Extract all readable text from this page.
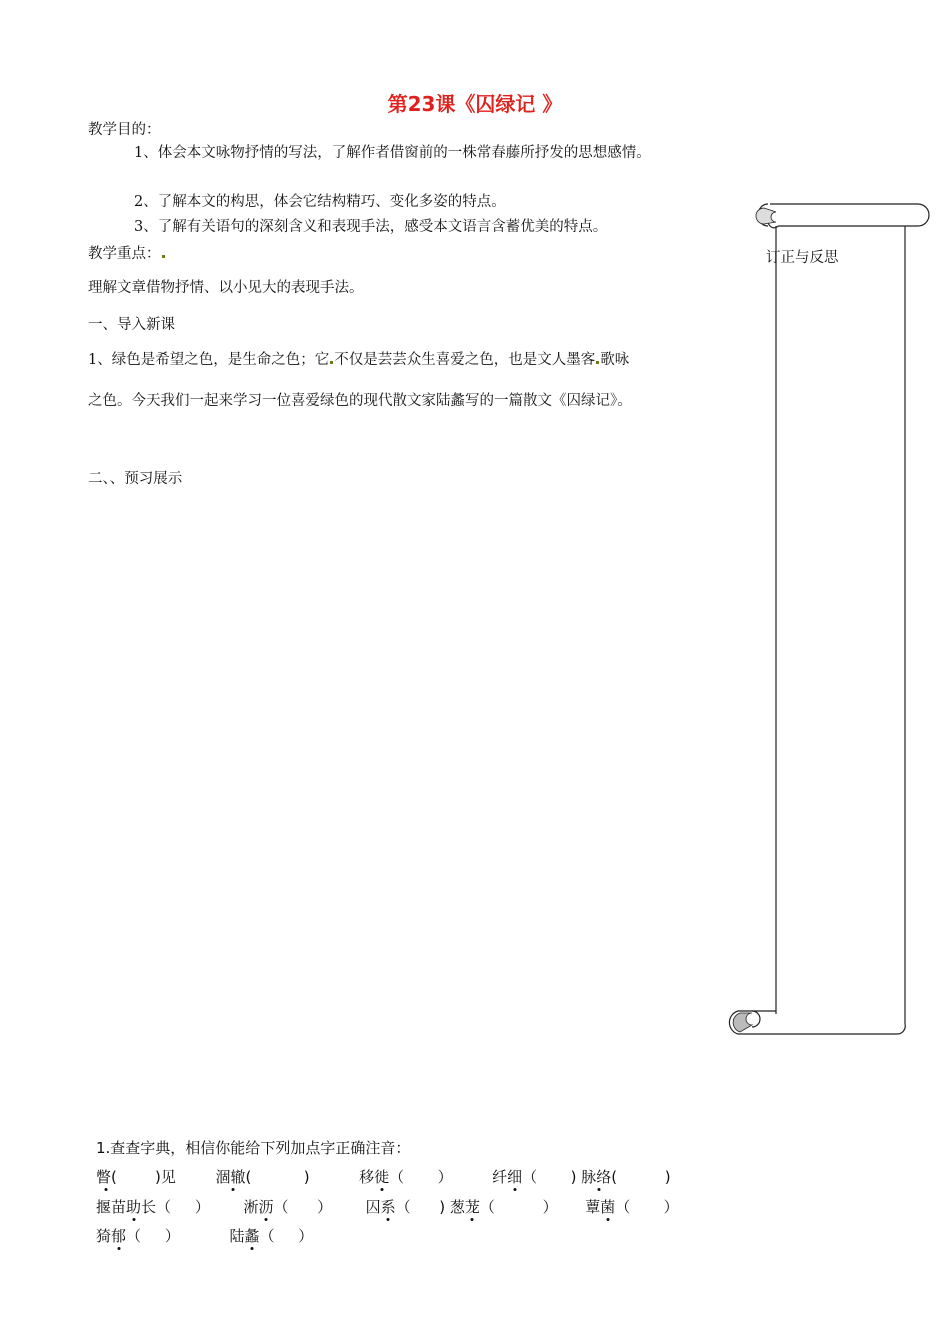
第23课《囚绿记 》
教学目的：
1、体会本文咏物抒情的写法，了解作者借窗前的一株常春藤所抒发的思想感情。
2、了解本文的构思，体会它结构精巧、变化多姿的特点。
3、了解有关语句的深刻含义和表现手法，感受本文语言含蓄优美的特点。
教学重点：
理解文章借物抒情、以小见大的表现手法。
一、导入新课
1、绿色是希望之色，是生命之色；它 不仅是芸芸众生喜爱之色，也是文人墨客 歌咏
之色。今天我们一起来学习一位喜爱绿色的现代散文家陆蠡写的一篇散文《囚绿记》。
二、、预习展示
订正与反思
1.查查字典，相信你能给下列加点字正确注音：
瞥(	)见	涸辙(	)	移徙（ ）	纤细（ ) 脉络(	)
揠苗助长（ ） 淅沥（ ） 囚系（ ) 葱茏（	） 蕈菌（ ）
猗郁（ ）	陆蠡（ ）
